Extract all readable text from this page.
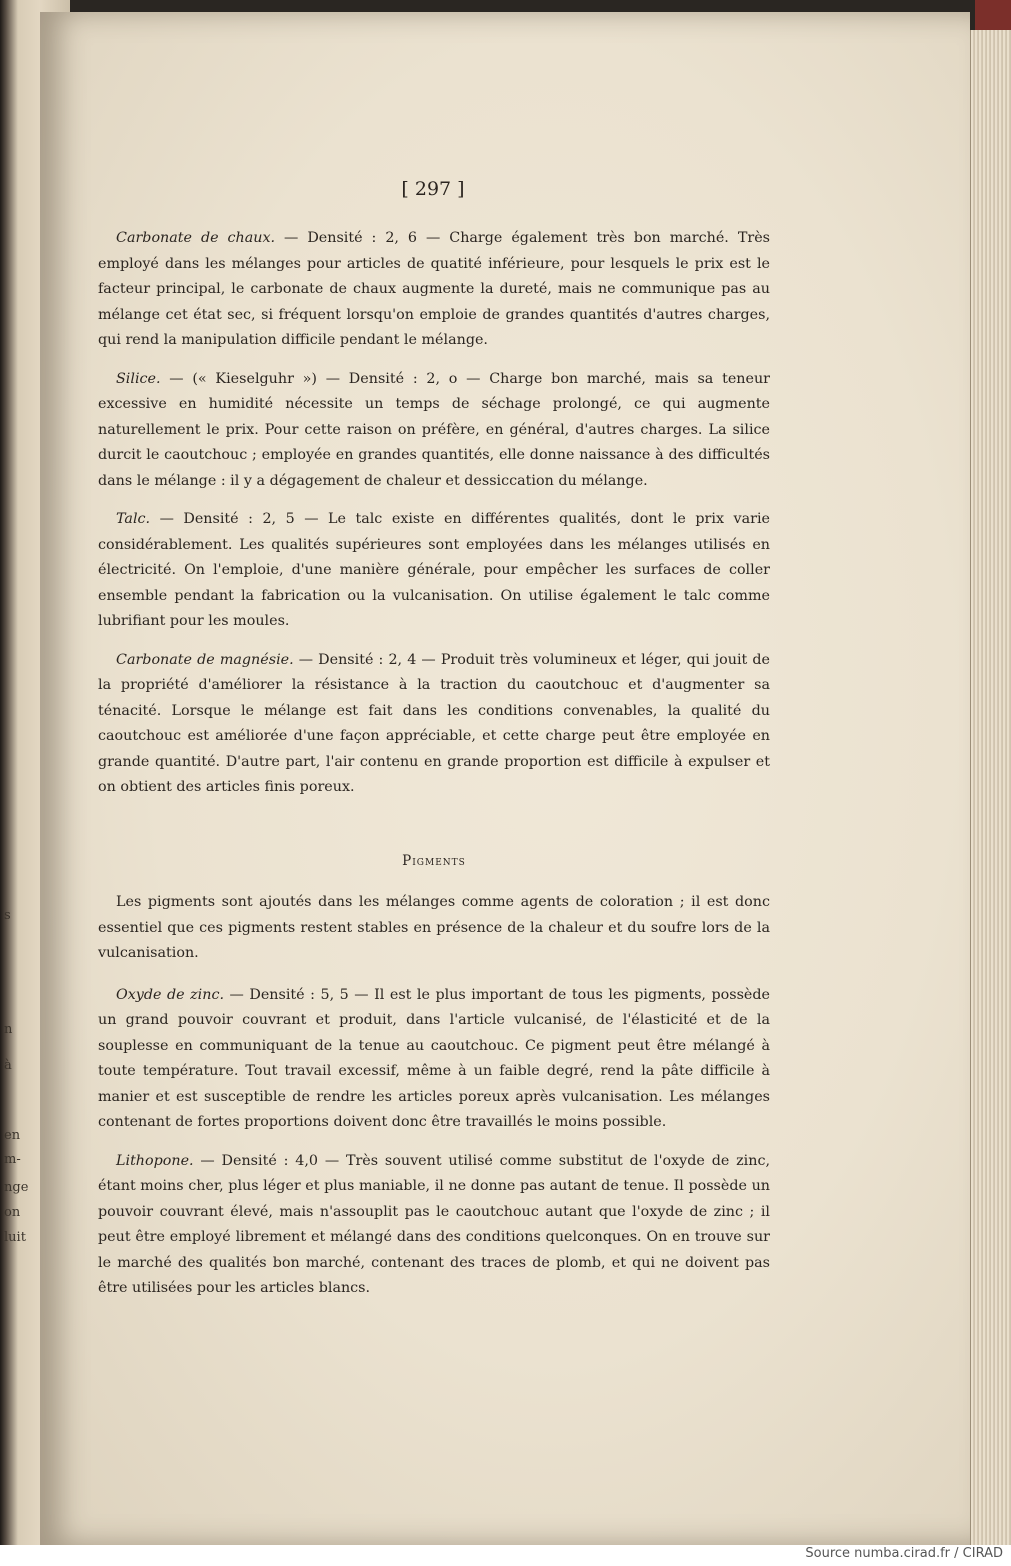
n
à
en
m-
nge
on
luit
s
[ 297 ]

Carbonate de chaux. — Densité : 2, 6 — Charge également très bon marché. Très employé dans les mélanges pour articles de quatité inférieure, pour lesquels le prix est le facteur principal, le carbonate de chaux augmente la dureté, mais ne communique pas au mélange cet état sec, si fréquent lorsqu'on emploie de grandes quantités d'autres charges, qui rend la manipulation difficile pendant le mélange.

Silice. — (« Kieselguhr ») — Densité : 2, o — Charge bon marché, mais sa teneur excessive en humidité nécessite un temps de séchage prolongé, ce qui augmente naturellement le prix. Pour cette raison on préfère, en général, d'autres charges. La silice durcit le caoutchouc ; employée en grandes quantités, elle donne naissance à des difficultés dans le mélange : il y a dégagement de chaleur et dessiccation du mélange.

Talc. — Densité : 2, 5 — Le talc existe en différentes qualités, dont le prix varie considérablement. Les qualités supérieures sont employées dans les mélanges utilisés en électricité. On l'emploie, d'une manière générale, pour empêcher les surfaces de coller ensemble pendant la fabrication ou la vulcanisation. On utilise également le talc comme lubrifiant pour les moules.

Carbonate de magnésie. — Densité : 2, 4 — Produit très volumineux et léger, qui jouit de la propriété d'améliorer la résistance à la traction du caoutchouc et d'augmenter sa ténacité. Lorsque le mélange est fait dans les conditions convenables, la qualité du caoutchouc est améliorée d'une façon appréciable, et cette charge peut être employée en grande quantité. D'autre part, l'air contenu en grande proportion est difficile à expulser et on obtient des articles finis poreux.

Pigments

Les pigments sont ajoutés dans les mélanges comme agents de coloration ; il est donc essentiel que ces pigments restent stables en présence de la chaleur et du soufre lors de la vulcanisation.

Oxyde de zinc. — Densité : 5, 5 — Il est le plus important de tous les pigments, possède un grand pouvoir couvrant et produit, dans l'article vulcanisé, de l'élasticité et de la souplesse en communiquant de la tenue au caoutchouc. Ce pigment peut être mélangé à toute température. Tout travail excessif, même à un faible degré, rend la pâte difficile à manier et est susceptible de rendre les articles poreux après vulcanisation. Les mélanges contenant de fortes proportions doivent donc être travaillés le moins possible.

Lithopone. — Densité : 4,0 — Très souvent utilisé comme substitut de l'oxyde de zinc, étant moins cher, plus léger et plus maniable, il ne donne pas autant de tenue. Il possède un pouvoir couvrant élevé, mais n'assouplit pas le caoutchouc autant que l'oxyde de zinc ; il peut être employé librement et mélangé dans des conditions quelconques. On en trouve sur le marché des qualités bon marché, contenant des traces de plomb, et qui ne doivent pas être utilisées pour les articles blancs.

Source numba.cirad.fr / CIRAD
